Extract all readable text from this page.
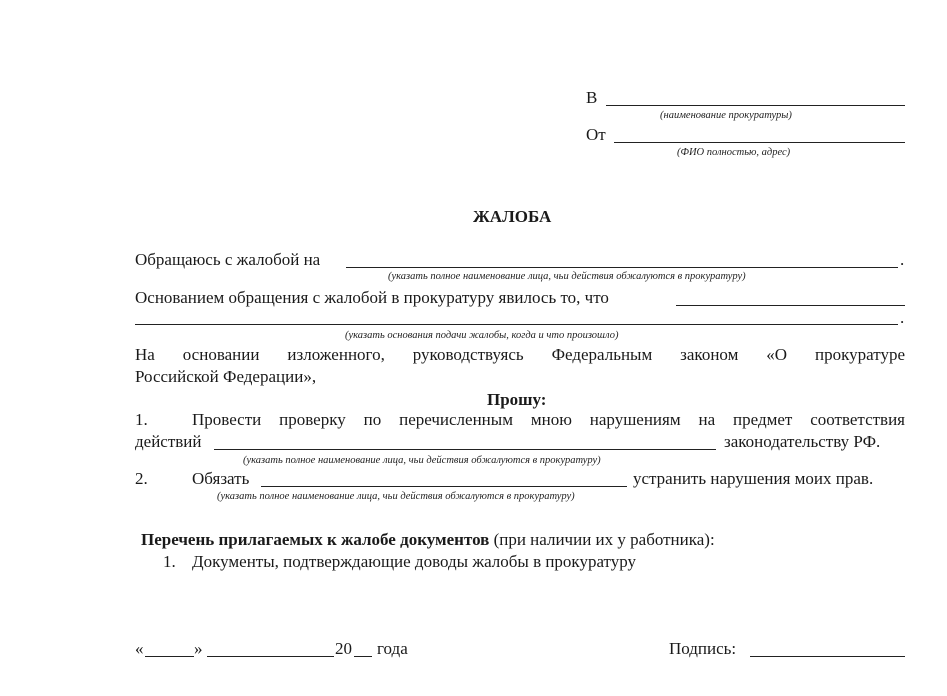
В
(наименование прокуратуры)
От
(ФИО полностью, адрес)
ЖАЛОБА
Обращаюсь с жалобой на	.
(указать полное наименование лица, чьи действия обжалуются в прокуратуру)
Основанием обращения с жалобой в прокуратуру явилось то, что
.
(указать основания подачи жалобы, когда и что произошло)
На основании изложенного, руководствуясь Федеральным законом «О прокуратуре
Российской Федерации»,
Прошу:
1.	Провести проверку по перечисленным мною нарушениям на предмет соответствия
действий	законодательству РФ.
(указать полное наименование лица, чьи действия обжалуются в прокуратуру)
2.	Обязать	устранить нарушения моих прав.
(указать полное наименование лица, чьи действия обжалуются в прокуратуру)
Перечень прилагаемых к жалобе документов (при наличии их у работника):
1. Документы, подтверждающие доводы жалобы в прокуратуру
«	»	20 года	Подпись:
